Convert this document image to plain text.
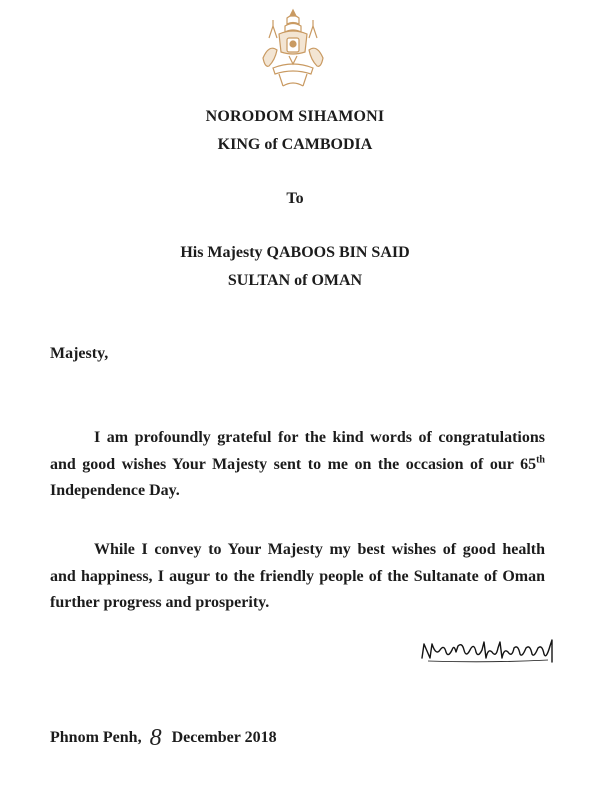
NORODOM SIHAMONI
KING of CAMBODIA
To
His Majesty QABOOS BIN SAID
SULTAN of OMAN
Majesty,
I am profoundly grateful for the kind words of congratulations and good wishes Your Majesty sent to me on the occasion of our 65th Independence Day.
While I convey to Your Majesty my best wishes of good health and happiness, I augur to the friendly people of the Sultanate of Oman further progress and prosperity.
Phnom Penh, 8 December 2018
